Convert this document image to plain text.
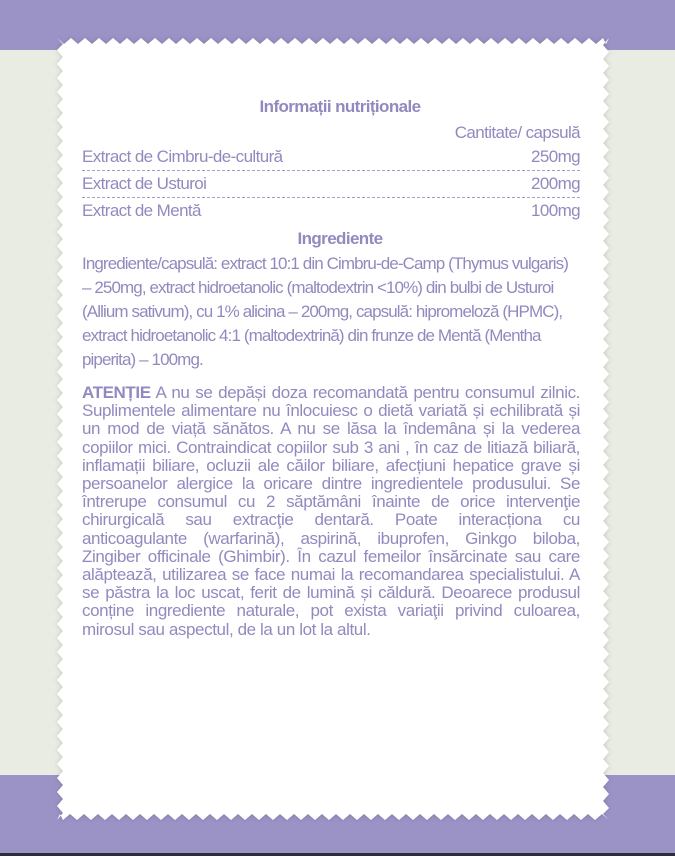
Informații nutriționale
Cantitate/ capsulă
Extract de Cimbru-de-cultură	250mg
Extract de Usturoi	200mg
Extract de Mentă	100mg
Ingrediente
Ingrediente/capsulă: extract 10:1 din Cimbru-de-Camp (Thymus vulgaris) – 250mg, extract hidroetanolic (maltodextrin <10%) din bulbi de Usturoi (Allium sativum), cu 1% alicina – 200mg, capsulă: hipromeloză (HPMC), extract hidroetanolic 4:1 (maltodextrină) din frunze de Mentă (Mentha piperita) – 100mg.
ATENȚIE A nu se depăși doza recomandată pentru consumul zilnic. Suplimentele alimentare nu înlocuiesc o dietă variată și echilibrată și un mod de viață sănătos. A nu se lăsa la îndemâna și la vederea copiilor mici. Contraindicat copiilor sub 3 ani , în caz de litiază biliară, inflamații biliare, ocluzii ale căilor biliare, afecțiuni hepatice grave și persoanelor alergice la oricare dintre ingredientele produsului. Se întrerupe consumul cu 2 săptămâni înainte de orice intervenţie chirurgicală sau extracţie dentară. Poate interacționa cu anticoagulante (warfarină), aspirină, ibuprofen, Ginkgo biloba, Zingiber officinale (Ghimbir). În cazul femeilor însărcinate sau care alăptează, utilizarea se face numai la recomandarea specialistului. A se păstra la loc uscat, ferit de lumină și căldură. Deoarece produsul conține ingrediente naturale, pot exista variaţii privind culoarea, mirosul sau aspectul, de la un lot la altul.
